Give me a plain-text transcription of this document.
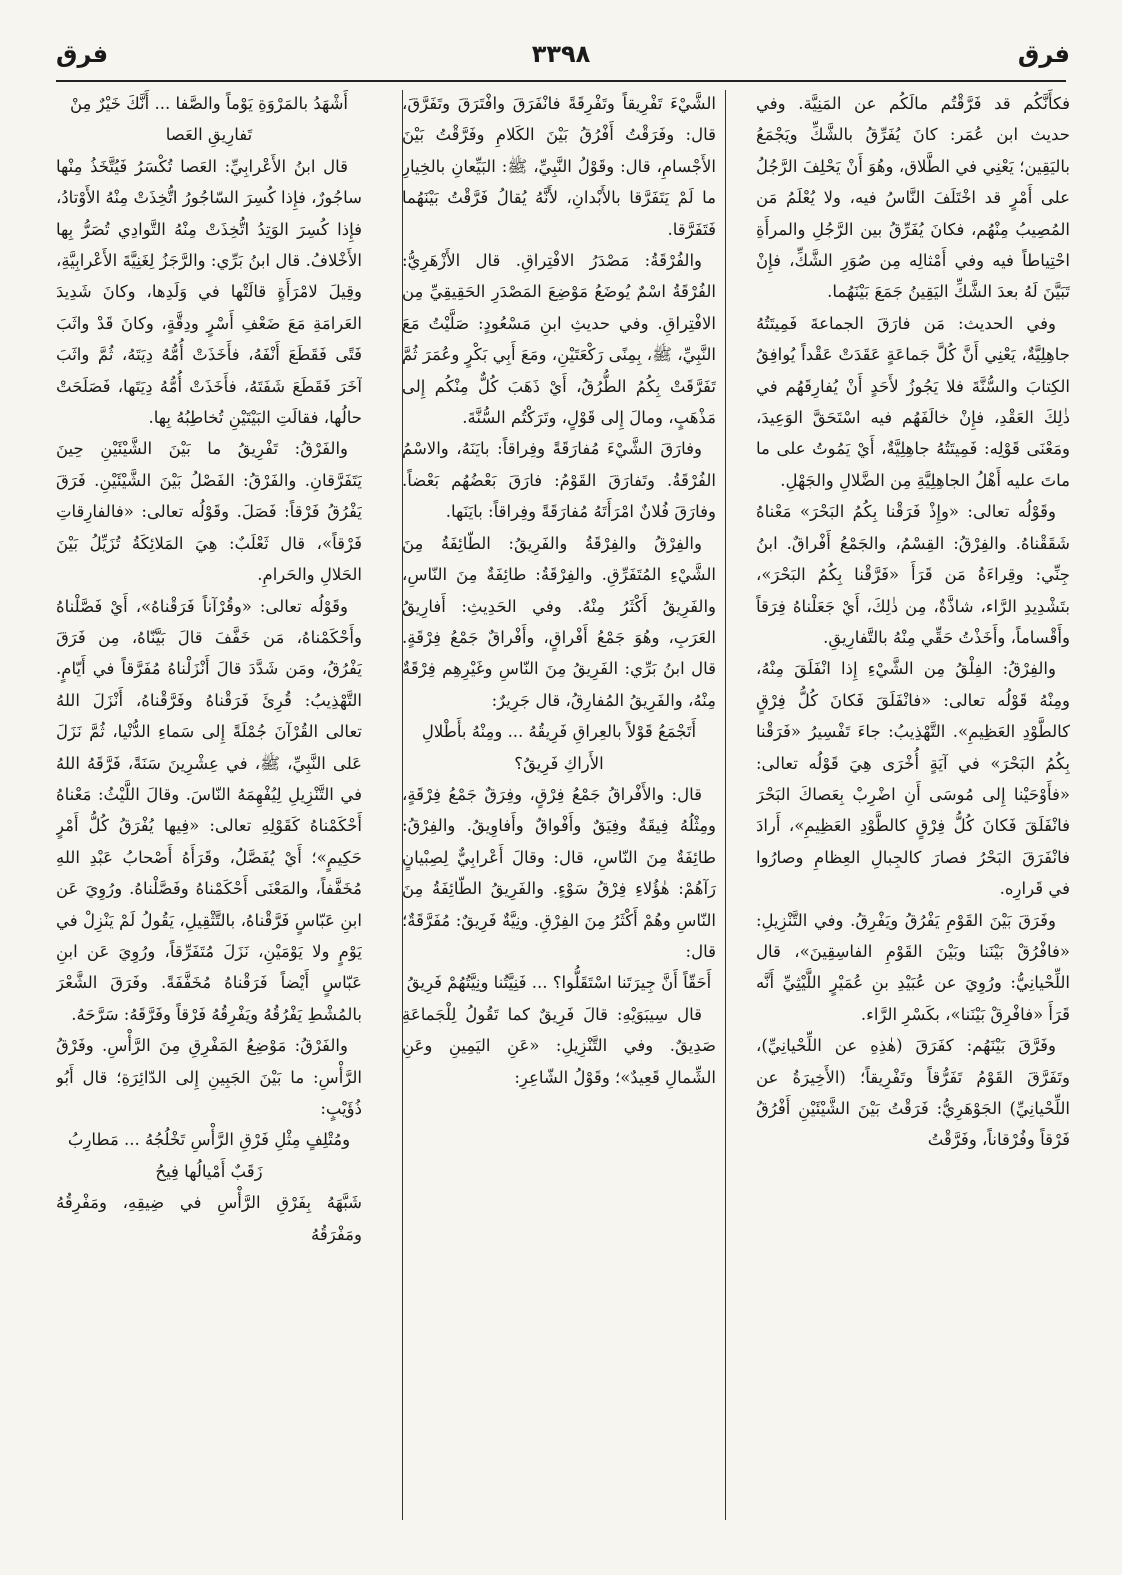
فرق
٣٣٩٨
فرق

فكأَنَّكُم قد فَرَّقْتُم مالَكُم عن المَنِيَّة. وفي حديث ابن عُمَر: كانَ يُفَرِّقُ بالشَّكِّ ويَجْمَعُ باليَقِين؛ يَعْنِي في الطَّلاق، وهُوَ أَنْ يَحْلِفَ الرَّجُلُ على أَمْرٍ قد اخْتَلَفَ النَّاسُ فيه، ولا يُعْلَمُ مَن المُصِيبُ مِنْهُم، فكانَ يُفَرِّقُ بين الرَّجُلِ والمرأَةِ احْتِياطاً فيه وفي أَمْثالِه مِن صُوَرِ الشَّكِّ، فإِنْ تَبَيَّنَ لَهُ بعدَ الشَّكِّ اليَقِينُ جَمَعَ بَيْنَهُما.

وفي الحديث: مَن فارَقَ الجماعةَ فَمِيتَتُهُ جاهِلِيَّةٌ، يَعْنِي أَنَّ كُلَّ جَماعَةٍ عَقَدَتْ عَقْداً يُوافِقُ الكِتابَ والسُّنَّةَ فلا يَجُوزُ لأَحَدٍ أَنْ يُفارِقَهُم في ذٰلِكَ العَقْدِ، فإِنْ خالَفَهُم فيه اسْتَحَقَّ الوَعِيدَ، ومَعْنَى قَوْلِه: فَمِيتَتُهُ جاهِلِيَّةٌ، أَيْ يَمُوتُ على ما ماتَ عليه أَهْلُ الجاهِلِيَّةِ مِن الضَّلالِ والجَهْلِ.

وقَوْلُه تعالى: «وإِذْ فَرَقْنا بِكُمُ البَحْرَ» مَعْناهُ شَقَقْناهُ. والفِرْقُ: القِسْمُ، والجَمْعُ أَفْراقٌ. ابنُ جِنِّي: وقِراءَةُ مَن قَرَأَ «فَرَّقْنا بِكُمُ البَحْرَ»، بتَشْدِيدِ الرَّاء، شاذَّةٌ، مِن ذٰلِكَ، أَيْ جَعَلْناهُ فِرَقاً وأَقْساماً، وأَخَذْتُ حَقِّي مِنْهُ بالتَّفارِيقِ.

والفِرْقُ: الفِلْقُ مِن الشَّيْءِ إِذا انْفَلَقَ مِنْهُ، ومِنْهُ قَوْلُه تعالى: «فانْفَلَقَ فَكانَ كُلُّ فِرْقٍ كالطَّوْدِ العَظِيمِ». التَّهْذِيبُ: جاءَ تَفْسِيرُ «فَرَقْنا بِكُمُ البَحْرَ» في آيَةٍ أُخْرَى هِيَ قَوْلُه تعالى: «فأَوْحَيْنا إِلى مُوسَى أَنِ اضْرِبْ بِعَصاكَ البَحْرَ فانْفَلَقَ فَكانَ كُلُّ فِرْقٍ كالطَّوْدِ العَظِيمِ»، أَرادَ فانْفَرَقَ البَحْرُ فصارَ كالجِبالِ العِظامِ وصارُوا في قَرارِه.

وفَرَقَ بَيْنَ القَوْمِ يَفْرُقُ ويَفْرِقُ. وفي التَّنْزِيلِ: «فافْرُقْ بَيْنَنا وبَيْنَ القَوْمِ الفاسِقِينَ»، قال اللِّحْيانِيُّ: ورُوِيَ عن عُبَيْدِ بنِ عُمَيْرٍ اللَّيْثِيِّ أَنَّه قَرَأَ «فافْرِقْ بَيْنَنا»، بكَسْرِ الرَّاء.

وفَرَّقَ بَيْنَهُم: كفَرَقَ (هٰذِهِ عن اللِّحْيانِيِّ)، وتَفَرَّقَ القَوْمُ تَفَرُّقاً وتَفْرِيقاً؛ (الأَخِيرَةُ عن اللِّحْيانِيِّ) الجَوْهَرِيُّ: فَرَقْتُ بَيْنَ الشَّيْئَيْنِ أَفْرُقُ فَرْقاً وفُرْقاناً، وفَرَّقْتُ

الشَّيْءَ تَفْرِيقاً وتَفْرِقَةً فانْفَرَقَ وافْتَرَقَ وتَفَرَّقَ، قال: وفَرَقْتُ أَفْرُقُ بَيْنَ الكَلامِ وفَرَّقْتُ بَيْنَ الأَجْسامِ، قال: وقَوْلُ النَّبِيِّ، ﷺ: البَيِّعانِ بالخِيارِ ما لَمْ يَتَفَرَّقا بالأَبْدانِ، لأَنَّهُ يُقالُ فَرَّقْتُ بَيْنَهُما فَتَفَرَّقا.

والفُرْقَةُ: مَصْدَرُ الافْتِراقِ. قال الأَزْهَرِيُّ: الفُرْقَةُ اسْمٌ يُوضَعُ مَوْضِعَ المَصْدَرِ الحَقِيقِيِّ مِن الافْتِراقِ. وفي حديثِ ابنِ مَسْعُودٍ: صَلَّيْتُ مَعَ النَّبِيِّ، ﷺ، بِمِنًى رَكْعَتَيْنِ، ومَعَ أَبِي بَكْرٍ وعُمَرَ ثُمَّ تَفَرَّقَتْ بِكُمُ الطُّرُقُ، أَيْ ذَهَبَ كُلٌّ مِنْكُم إِلى مَذْهَبٍ، ومالَ إِلى قَوْلٍ، وتَرَكْتُم السُّنَّةَ.

وفارَقَ الشَّيْءَ مُفارَقَةً وفِراقاً: بايَنَهُ، والاسْمُ الفُرْقَةُ. وتَفارَقَ القَوْمُ: فارَقَ بَعْضُهُم بَعْضاً. وفارَقَ فُلانٌ امْرَأَتَهُ مُفارَقَةً وفِراقاً: بايَنَها.

والفِرْقُ والفِرْقَةُ والفَرِيقُ: الطّائِفَةُ مِنَ الشَّيْءِ المُتَفَرِّقِ. والفِرْقَةُ: طائِفَةٌ مِنَ النّاسِ، والفَرِيقُ أَكْثَرُ مِنْهُ. وفي الحَدِيثِ: أَفارِيقُ العَرَبِ، وهُوَ جَمْعُ أَفْراقٍ، وأَفْراقٌ جَمْعُ فِرْقَةٍ. قال ابنُ بَرِّي: الفَرِيقُ مِنَ النّاسِ وغَيْرِهِم فِرْقَةٌ مِنْهُ، والفَرِيقُ المُفارِقُ، قال جَرِيرٌ:

أَتَجْمَعُ قَوْلاً بالعِراقِ فَرِيقُهُ ... ومِنْهُ بأَطْلالِ الأَراكِ فَرِيقُ؟

قال: والأَفْراقُ جَمْعُ فِرْقٍ، وفِرَقٌ جَمْعُ فِرْقَةٍ، ومِثْلُهُ فِيقَةٌ وفِيَقٌ وأَفْواقٌ وأَفاوِيقُ. والفِرْقُ: طائِفَةٌ مِنَ النّاسِ، قال: وقالَ أَعْرابِيٌّ لِصِبْيانٍ رَآهُمْ: هٰؤُلاءِ فِرْقُ سَوْءٍ. والفَرِيقُ الطّائِفَةُ مِنَ النّاسِ وهُمْ أَكْثَرُ مِنَ الفِرْقِ. ونِيَّةٌ فَرِيقٌ: مُفَرَّقَةٌ؛ قال:

أَحَقّاً أَنَّ جِيرَتَنا اسْتَقَلُّوا؟ ... فَنِيَّتُنا ونِيَّتُهُمْ فَرِيقُ

قال سِيبَوَيْهِ: قالَ فَرِيقٌ كما تَقُولُ لِلْجَماعَةِ صَدِيقٌ. وفي التَّنْزِيلِ: «عَنِ اليَمِينِ وعَنِ الشِّمالِ قَعِيدٌ»؛ وقَوْلُ الشّاعِرِ:

أَشْهَدُ بالمَرْوَةِ يَوْماً والصَّفا ... أَنَّكَ خَيْرٌ مِنْ تَفارِيقِ العَصا

قال ابنُ الأَعْرابِيِّ: العَصا تُكْسَرُ فَيُتَّخَذُ مِنْها ساجُورٌ، فإِذا كُسِرَ السّاجُورُ اتُّخِذَتْ مِنْهُ الأَوْتادُ، فإِذا كُسِرَ الوَتِدُ اتُّخِذَتْ مِنْهُ التَّوادِي تُصَرُّ بِها الأَخْلافُ. قال ابنُ بَرِّي: والرَّجَزُ لِغَنِيَّةَ الأَعْرابِيَّةِ، وقِيلَ لامْرَأَةٍ قالَتْها في وَلَدِها، وكانَ شَدِيدَ العَرامَةِ مَعَ ضَعْفِ أَسْرٍ ودِقَّةٍ، وكانَ قَدْ واثَبَ فَتًى فَقَطَعَ أَنْفَهُ، فأَخَذَتْ أُمُّهُ دِيَتَهُ، ثُمَّ واثَبَ آخَرَ فَقَطَعَ شَفَتَهُ، فأَخَذَتْ أُمُّهُ دِيَتَها، فَصَلَحَتْ حالُها، فقالَتِ البَيْتَيْنِ تُخاطِبُهُ بِها.

والفَرْقُ: تَفْرِيقُ ما بَيْنَ الشَّيْئَيْنِ حِينَ يَتَفَرَّقانِ. والفَرْقُ: الفَصْلُ بَيْنَ الشَّيْئَيْنِ. فَرَقَ يَفْرُقُ فَرْقاً: فَصَلَ. وقَوْلُه تعالى: «فالفارِقاتِ فَرْقاً»، قال ثَعْلَبٌ: هِيَ المَلائِكَةُ تُزَيِّلُ بَيْنَ الحَلالِ والحَرامِ.

وقَوْلُه تعالى: «وقُرْآناً فَرَقْناهُ»، أَيْ فَصَّلْناهُ وأَحْكَمْناهُ، مَن خَفَّفَ قالَ بَيَّنّاهُ، مِن فَرَقَ يَفْرُقُ، ومَن شَدَّدَ قالَ أَنْزَلْناهُ مُفَرَّقاً في أَيّامٍ. التَّهْذِيبُ: قُرِئَ فَرَقْناهُ وفَرَّقْناهُ، أَنْزَلَ اللهُ تعالى القُرْآنَ جُمْلَةً إِلى سَماءِ الدُّنْيا، ثُمَّ نَزَلَ عَلى النَّبِيِّ، ﷺ، في عِشْرِينَ سَنَةً، فَرَّقَهُ اللهُ في التَّنْزِيلِ لِيُفْهِمَهُ النّاسَ. وقالَ اللَّيْثُ: مَعْناهُ أَحْكَمْناهُ كَقَوْلِهِ تعالى: «فِيها يُفْرَقُ كُلُّ أَمْرٍ حَكِيمٍ»؛ أَيْ يُفَصَّلُ، وقَرَأَهُ أَصْحابُ عَبْدِ اللهِ مُخَفَّفاً، والمَعْنَى أَحْكَمْناهُ وفَصَّلْناهُ. ورُوِيَ عَن ابنِ عَبّاسٍ فَرَّقْناهُ، بالتَّثْقِيلِ، يَقُولُ لَمْ يَنْزِلْ في يَوْمٍ ولا يَوْمَيْنِ، نَزَلَ مُتَفَرِّقاً، ورُوِيَ عَن ابنِ عَبّاسٍ أَيْضاً فَرَقْناهُ مُخَفَّفَةً. وفَرَقَ الشَّعْرَ بالمُشْطِ يَفْرُقُهُ ويَفْرِقُهُ فَرْقاً وفَرَّقَهُ: سَرَّحَهُ.

والفَرْقُ: مَوْضِعُ المَفْرِقِ مِنَ الرَّأْسِ. وفَرْقُ الرَّأْسِ: ما بَيْنَ الجَبِينِ إِلى الدّائِرَةِ؛ قال أَبُو ذُؤَيْبٍ:

ومُتْلِفٍ مِثْلِ فَرْقِ الرَّأْسِ تَخْلُجُهُ ... مَطارِبُ زَقَبٌ أَمْيالُها فِيحُ

شَبَّهَهُ بِفَرْقِ الرَّأْسِ في ضِيقِهِ، ومَفْرِقُهُ ومَفْرَقُهُ
